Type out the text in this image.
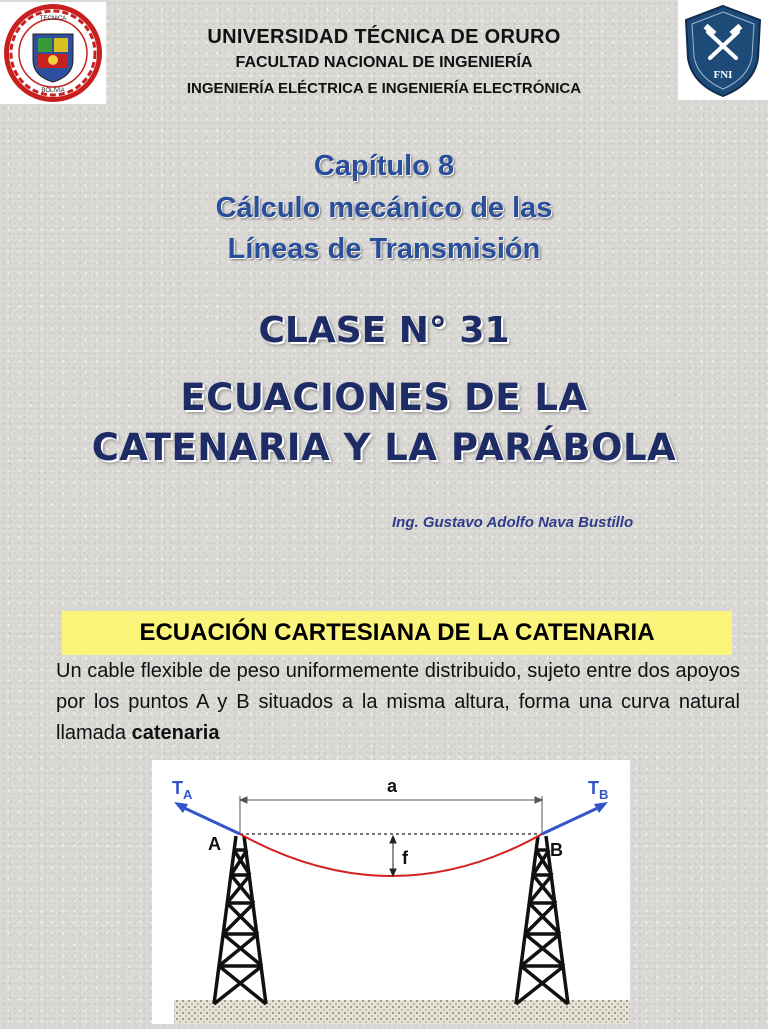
TECNICA
BOLIVIA
FNI
UNIVERSIDAD TÉCNICA DE ORURO
FACULTAD NACIONAL DE INGENIERÍA
INGENIERÍA ELÉCTRICA E INGENIERÍA ELECTRÓNICA
Capítulo 8
Cálculo mecánico de las
Líneas de Transmisión
CLASE N° 31
ECUACIONES DE LA
CATENARIA Y LA PARÁBOLA
Ing. Gustavo Adolfo Nava Bustillo
ECUACIÓN CARTESIANA DE LA CATENARIA
Un cable flexible de peso uniformemente distribuido, sujeto entre dos apoyos por los puntos A y B situados a la misma altura, forma una curva natural llamada catenaria
a
f
A	B
$T_A$	$T_B$
